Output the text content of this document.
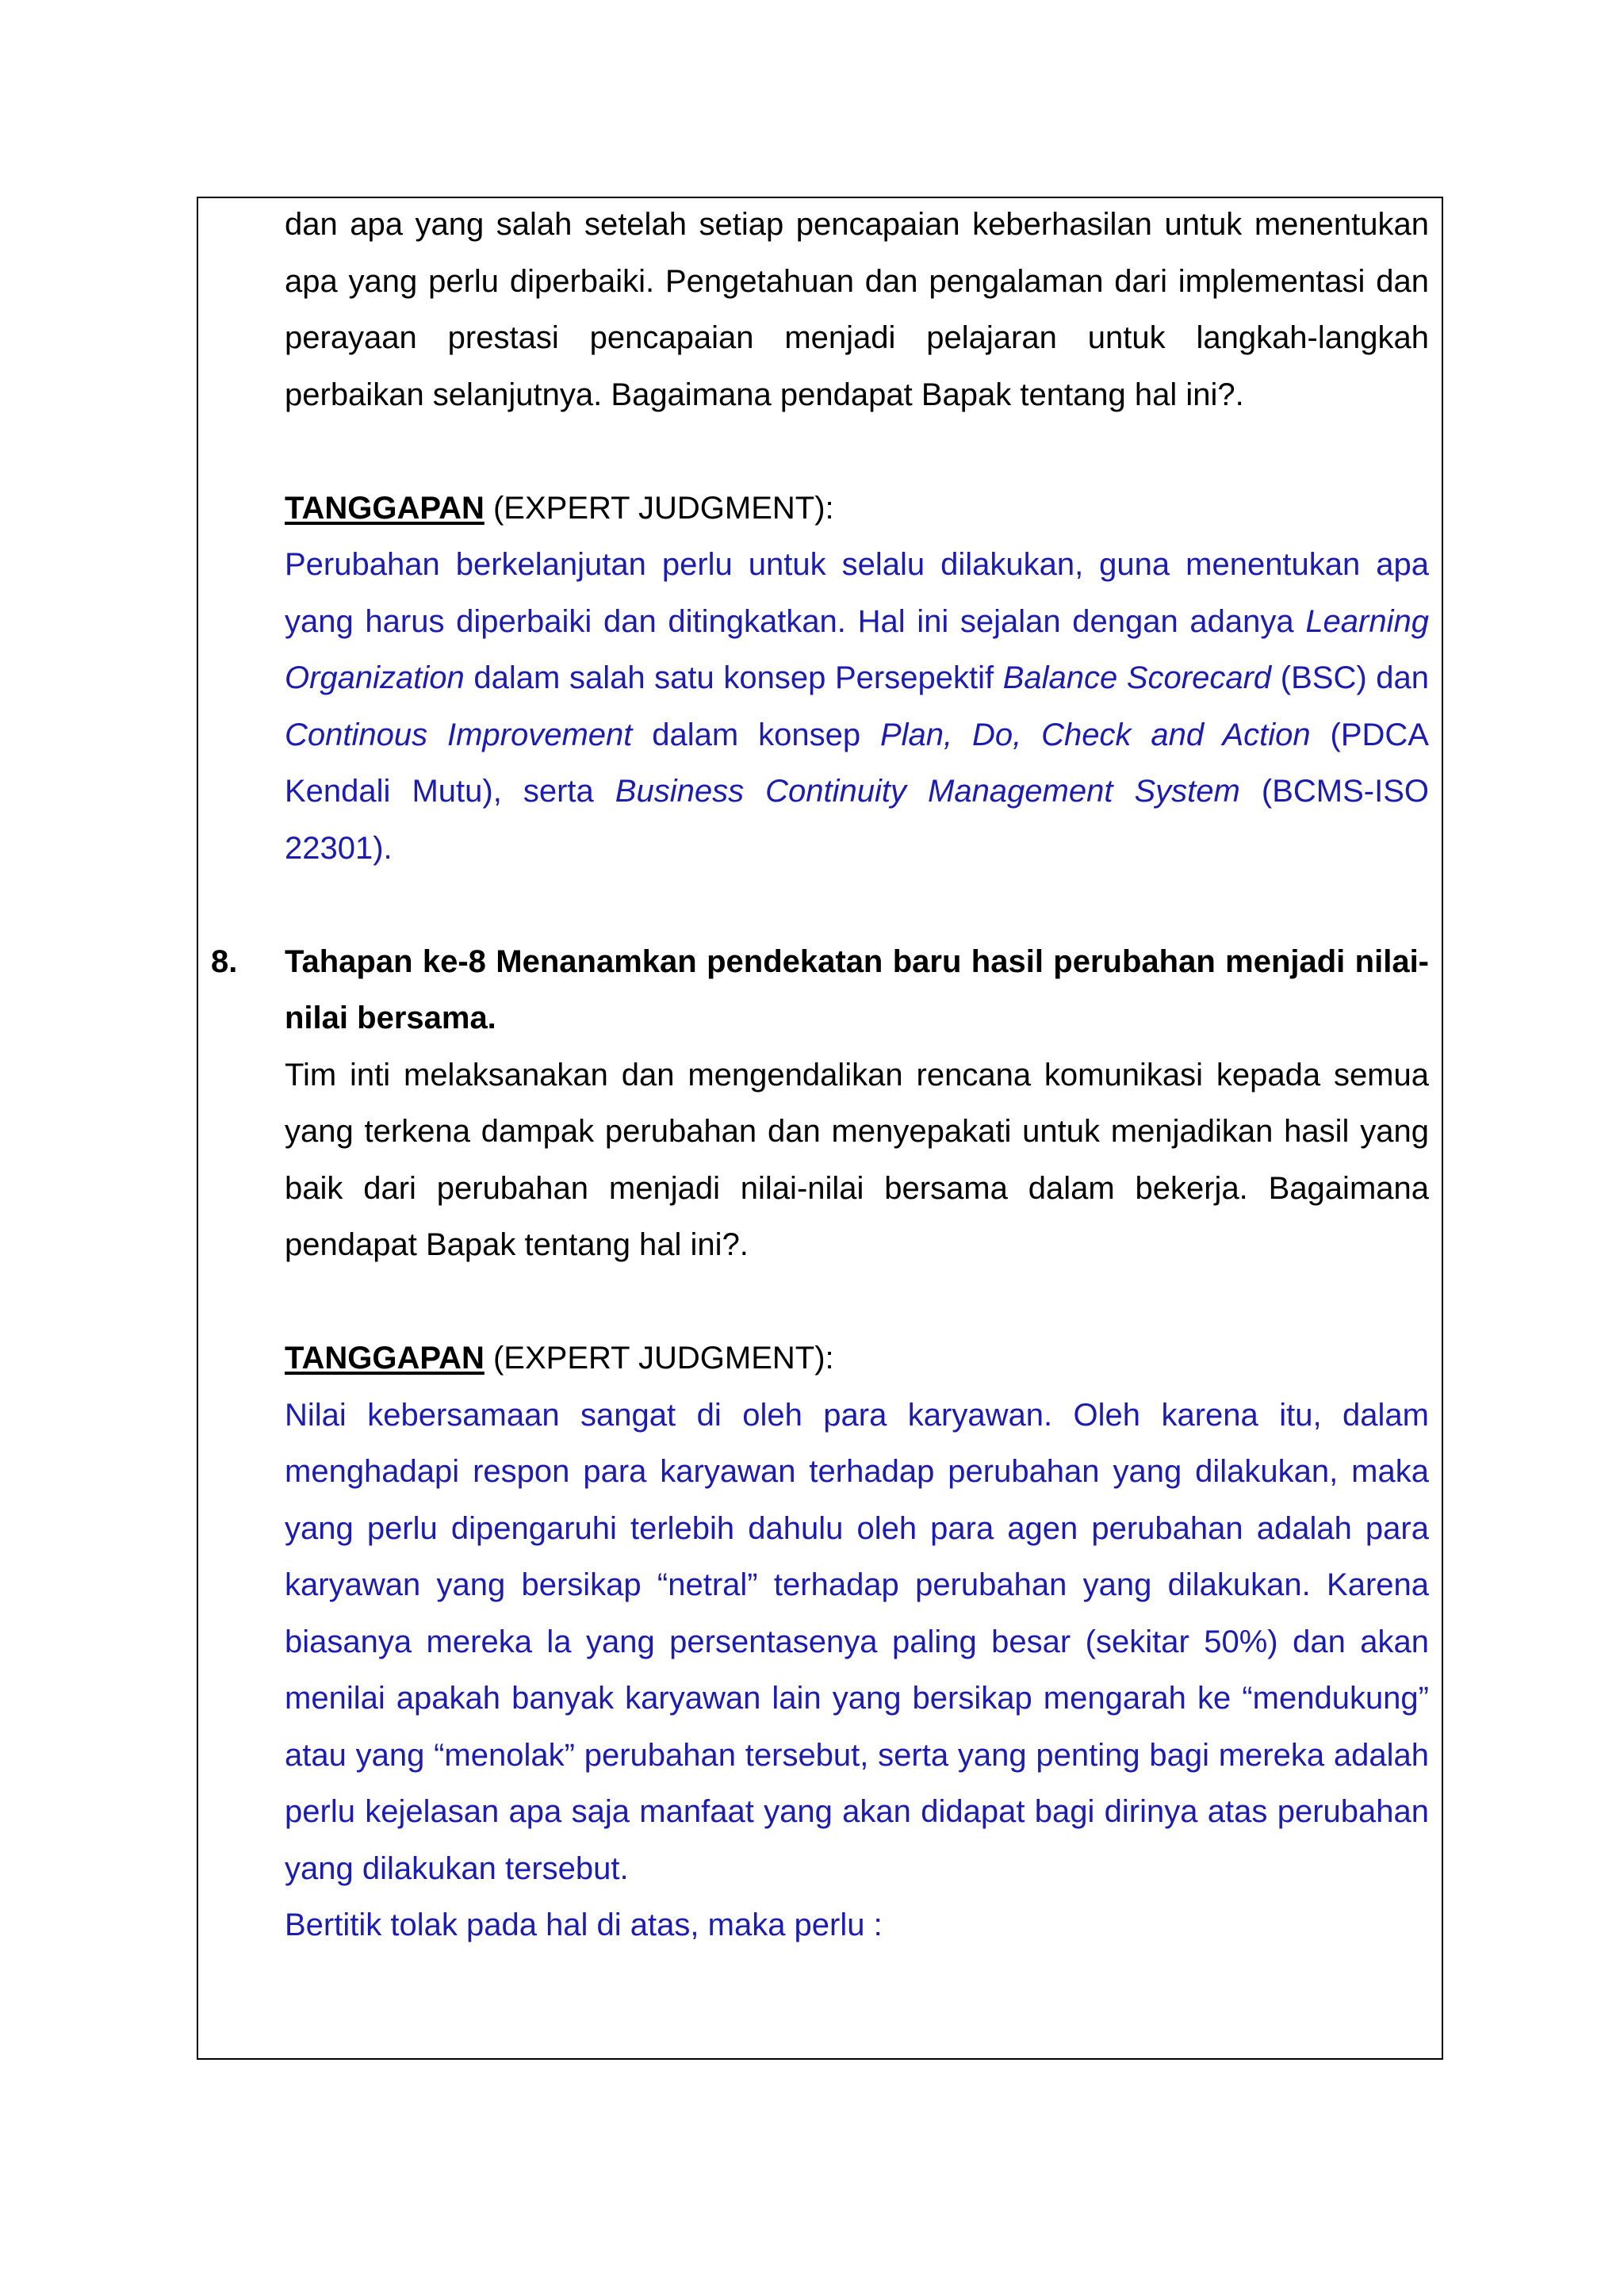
dan apa yang salah setelah setiap pencapaian keberhasilan untuk menentukan apa yang perlu diperbaiki. Pengetahuan dan pengalaman dari implementasi dan perayaan prestasi pencapaian menjadi pelajaran untuk langkah-langkah perbaikan selanjutnya. Bagaimana pendapat Bapak tentang hal ini?.

TANGGAPAN (EXPERT JUDGMENT):

Perubahan berkelanjutan perlu untuk selalu dilakukan, guna menentukan apa yang harus diperbaiki dan ditingkatkan. Hal ini sejalan dengan adanya Learning Organization dalam salah satu konsep Persepektif Balance Scorecard (BSC) dan Continous Improvement dalam konsep Plan, Do, Check and Action (PDCA Kendali Mutu), serta Business Continuity Management System (BCMS-ISO 22301).

8. Tahapan ke-8 Menanamkan pendekatan baru hasil perubahan menjadi nilai-nilai bersama.

Tim inti melaksanakan dan mengendalikan rencana komunikasi kepada semua yang terkena dampak perubahan dan menyepakati untuk menjadikan hasil yang baik dari perubahan menjadi nilai-nilai bersama dalam bekerja. Bagaimana pendapat Bapak tentang hal ini?.

TANGGAPAN (EXPERT JUDGMENT):

Nilai kebersamaan sangat di oleh para karyawan. Oleh karena itu, dalam menghadapi respon para karyawan terhadap perubahan yang dilakukan, maka yang perlu dipengaruhi terlebih dahulu oleh para agen perubahan adalah para karyawan yang bersikap “netral” terhadap perubahan yang dilakukan. Karena biasanya mereka la yang persentasenya paling besar (sekitar 50%) dan akan menilai apakah banyak karyawan lain yang bersikap mengarah ke “mendukung” atau yang “menolak” perubahan tersebut, serta yang penting bagi mereka adalah perlu kejelasan apa saja manfaat yang akan didapat bagi dirinya atas perubahan yang dilakukan tersebut.

Bertitik tolak pada hal di atas, maka perlu :
